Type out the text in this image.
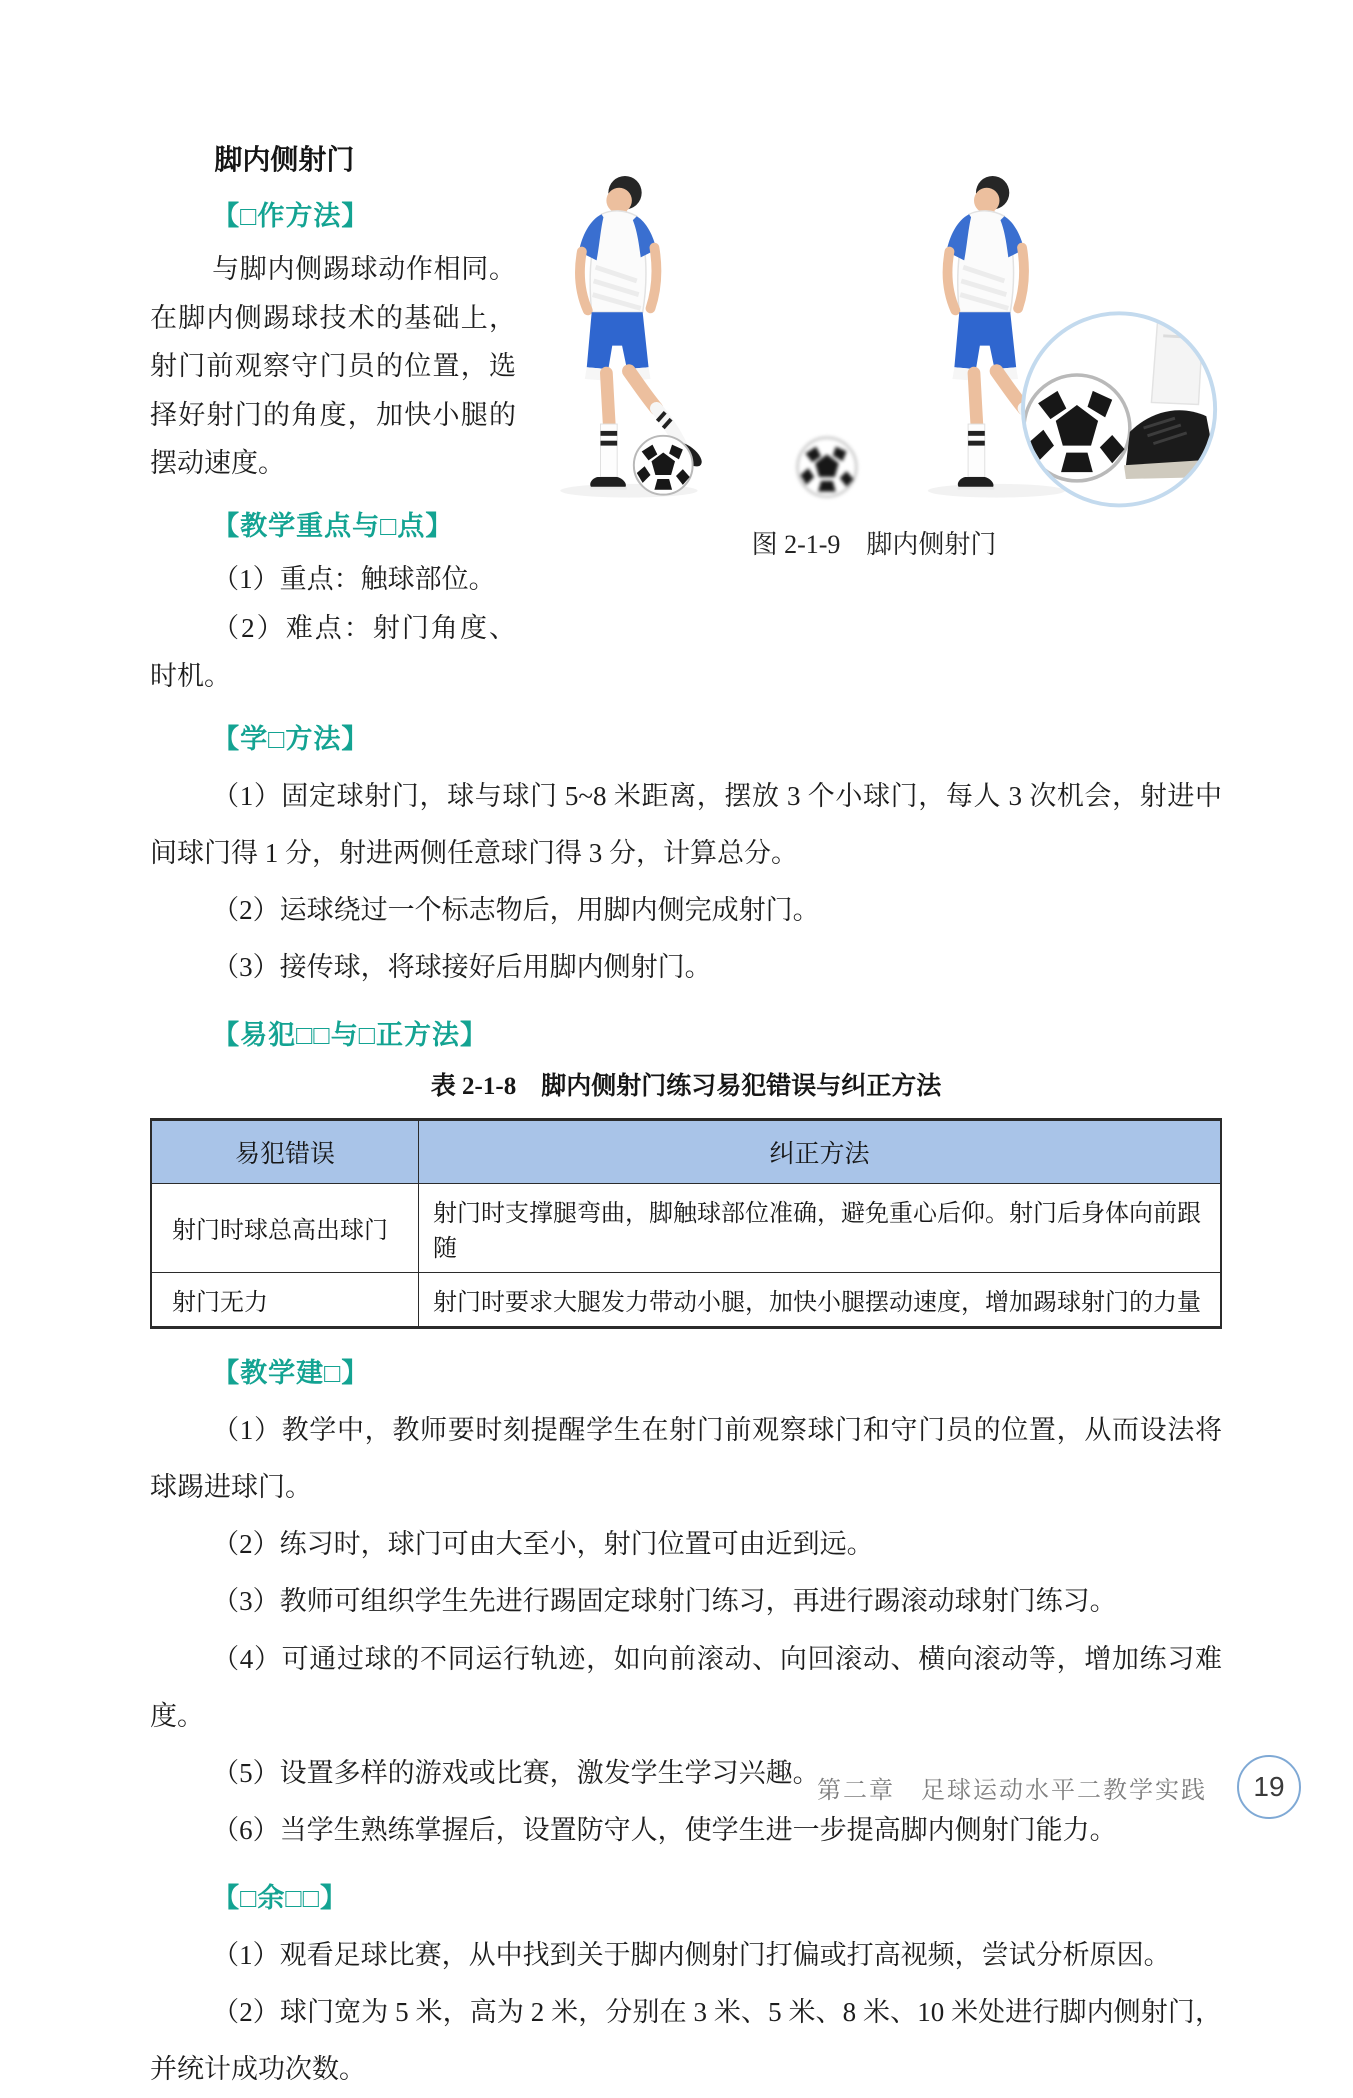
脚内侧射门
【□作方法】

与脚内侧踢球动作相同。在脚内侧踢球技术的基础上，射门前观察守门员的位置，选择好射门的角度，加快小腿的摆动速度。

【教学重点与□点】

（1）重点：触球部位。

（2）难点：射门角度、时机。

图 2-1-9　脚内侧射门
【学□方法】

（1）固定球射门，球与球门 5~8 米距离，摆放 3 个小球门，每人 3 次机会，射进中间球门得 1 分，射进两侧任意球门得 3 分，计算总分。

（2）运球绕过一个标志物后，用脚内侧完成射门。

（3）接传球，将球接好后用脚内侧射门。

【易犯□□与□正方法】
表 2-1-8　脚内侧射门练习易犯错误与纠正方法
易犯错误	纠正方法
射门时球总高出球门	射门时支撑腿弯曲，脚触球部位准确，避免重心后仰。射门后身体向前跟随
射门无力	射门时要求大腿发力带动小腿，加快小腿摆动速度，增加踢球射门的力量
【教学建□】

（1）教学中，教师要时刻提醒学生在射门前观察球门和守门员的位置，从而设法将球踢进球门。

（2）练习时，球门可由大至小，射门位置可由近到远。

（3）教师可组织学生先进行踢固定球射门练习，再进行踢滚动球射门练习。

（4）可通过球的不同运行轨迹，如向前滚动、向回滚动、横向滚动等，增加练习难度。

（5）设置多样的游戏或比赛，激发学生学习兴趣。

（6）当学生熟练掌握后，设置防守人，使学生进一步提高脚内侧射门能力。

【□余□□】

（1）观看足球比赛，从中找到关于脚内侧射门打偏或打高视频，尝试分析原因。

（2）球门宽为 5 米，高为 2 米，分别在 3 米、5 米、8 米、10 米处进行脚内侧射门，并统计成功次数。

第二章　足球运动水平二教学实践	19
